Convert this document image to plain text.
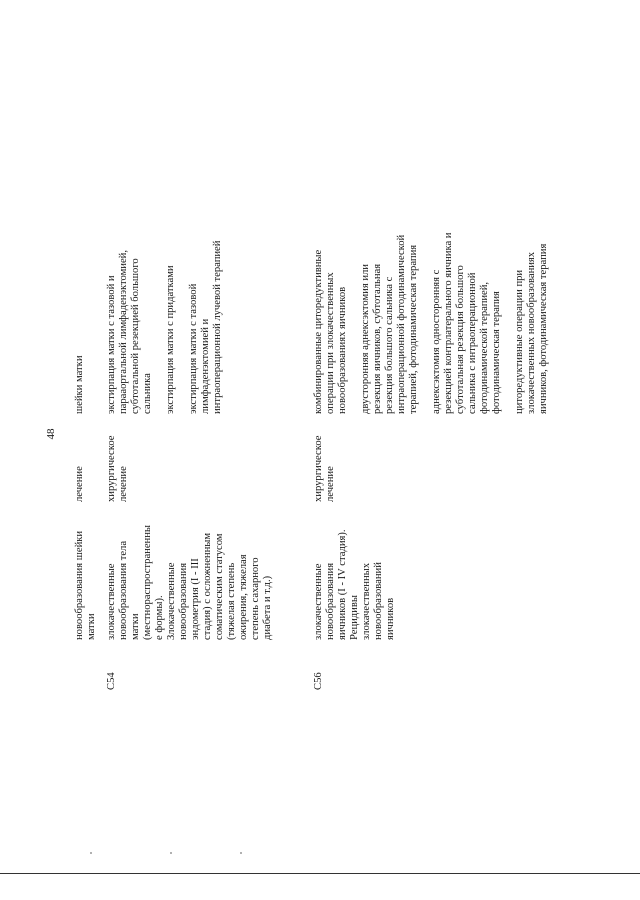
48
новообразования шейки матки
лечение
шейки матки
C54
злокачественные новообразования тела матки (местнораспространенны е формы). Злокачественные новообразования эндометрия (I - III стадия) с осложненным соматическим статусом (тяжелая степень ожирения, тяжелая степень сахарного диабета и т.д.)
хирургическое лечение
экстирпация матки с тазовой и парааортальной лимфаденэктомией, субтотальной резекцией большого сальника экстирпация матки с придатками экстирпация матки с тазовой лимфаденэктомией и интраоперационной лучевой терапией
C56
злокачественные новообразования яичников (I - IV стадия). Рецидивы злокачественных новообразований яичников
хирургическое лечение
комбинированные циторедуктивные операции при злокачественных новообразованиях яичников двусторонняя аднексэктомия или резекция яичников, субтотальная резекция большого сальника с интраоперационной фотодинамической терапией, фотодинамическая терапия аднексэктомия односторонняя с резекцией контрлатерального яичника и субтотальная резекция большого сальника с интраоперационной фотодинамической терапией, фотодинамическая терапия циторедуктивные операции при злокачественных новообразованиях яичников, фотодинамическая терапия
